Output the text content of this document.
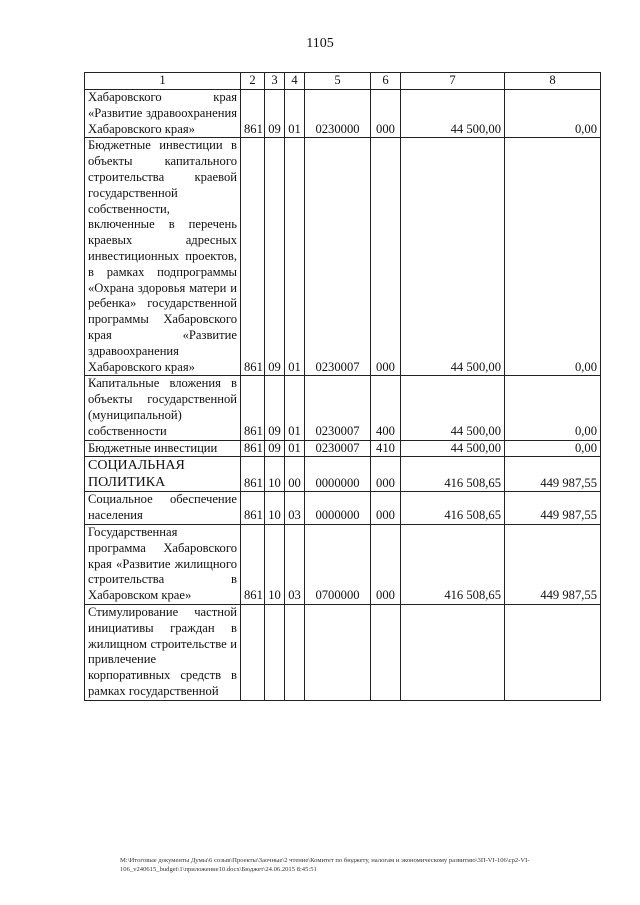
1105
1	2	3	4	5	6	7	8
Хабаровского края «Развитие здравоохранения Хабаровского края»	861	09	01	0230000	000	44 500,00	0,00
Бюджетные инвестиции в объекты капитального строительства краевой государственной собственности, включенные в перечень краевых адресных инвестиционных проектов, в рамках подпрограммы «Охрана здоровья матери и ребенка» государственной программы Хабаровского края «Развитие здравоохранения Хабаровского края»	861	09	01	0230007	000	44 500,00	0,00
Капитальные вложения в объекты государственной (муниципальной) собственности	861	09	01	0230007	400	44 500,00	0,00
Бюджетные инвестиции	861	09	01	0230007	410	44 500,00	0,00
СОЦИАЛЬНАЯ ПОЛИТИКА	861	10	00	0000000	000	416 508,65	449 987,55
Социальное обеспечение населения	861	10	03	0000000	000	416 508,65	449 987,55
Государственная программа Хабаровского края «Развитие жилищного строительства в Хабаровском крае»	861	10	03	0700000	000	416 508,65	449 987,55
Стимулирование частной инициативы граждан в жилищном строительстве и привлечение корпоративных средств в рамках государственной							
M:\Итоговые документы Думы\6 созыв\Проекты\Заочные\2 чтение\Комитет по бюджету, налогам и экономическому развитию\3П-VI-106\ср2-VI-106_v240615_budget\1\приложение10.docx\Бюджет\24.06.2015 8:45:51
